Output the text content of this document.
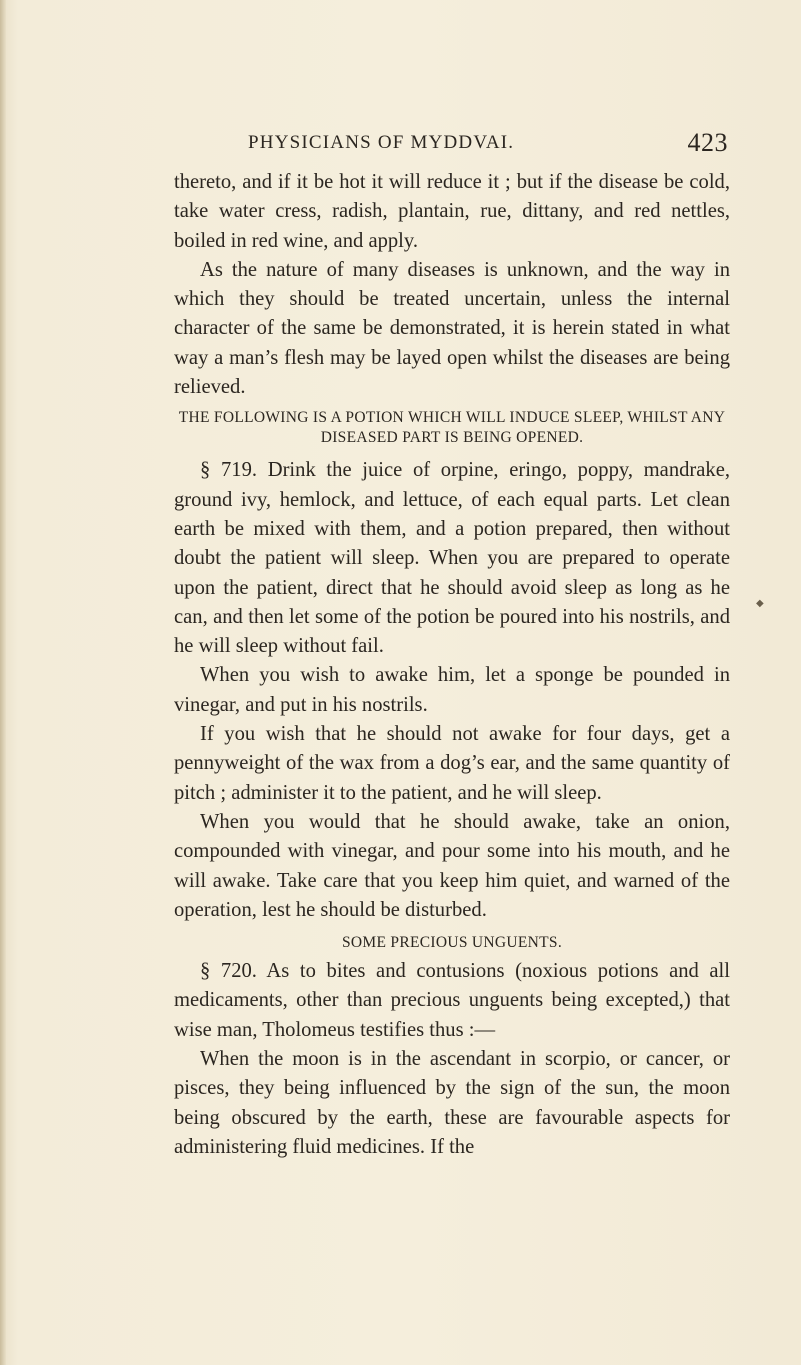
PHYSICIANS OF MYDDVAI.	423

thereto, and if it be hot it will reduce it ; but if the disease be cold, take water cress, radish, plantain, rue, dittany, and red nettles, boiled in red wine, and apply.

As the nature of many diseases is unknown, and the way in which they should be treated uncertain, unless the internal character of the same be demonstrated, it is herein stated in what way a man’s flesh may be layed open whilst the diseases are being relieved.

THE FOLLOWING IS A POTION WHICH WILL INDUCE SLEEP, WHILST ANY DISEASED PART IS BEING OPENED.

§ 719. Drink the juice of orpine, eringo, poppy, mandrake, ground ivy, hemlock, and lettuce, of each equal parts. Let clean earth be mixed with them, and a potion prepared, then without doubt the patient will sleep. When you are prepared to operate upon the patient, direct that he should avoid sleep as long as he can, and then let some of the potion be poured into his nostrils, and he will sleep without fail.

When you wish to awake him, let a sponge be pounded in vinegar, and put in his nostrils.

If you wish that he should not awake for four days, get a pennyweight of the wax from a dog’s ear, and the same quantity of pitch ; administer it to the patient, and he will sleep.

When you would that he should awake, take an onion, compounded with vinegar, and pour some into his mouth, and he will awake. Take care that you keep him quiet, and warned of the operation, lest he should be disturbed.

SOME PRECIOUS UNGUENTS.

§ 720. As to bites and contusions (noxious potions and all medicaments, other than precious unguents being excepted,) that wise man, Tholomeus testifies thus :—

When the moon is in the ascendant in scorpio, or cancer, or pisces, they being influenced by the sign of the sun, the moon being obscured by the earth, these are favourable aspects for administering fluid medicines. If the

◆
